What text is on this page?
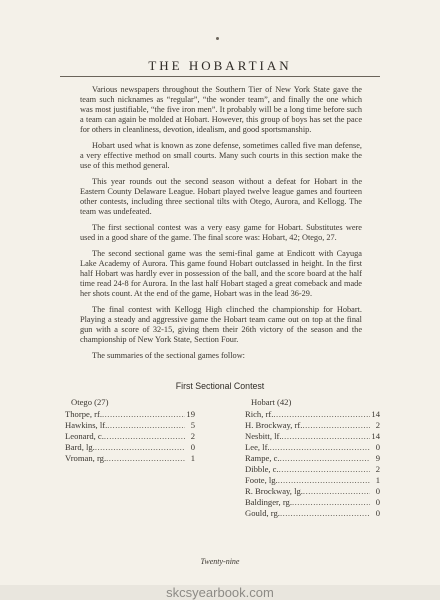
THE HOBARTIAN

Various newspapers throughout the Southern Tier of New York State gave the team such nicknames as “regular”, “the wonder team”, and finally the one which was most justifiable, “the five iron men”. It probably will be a long time before such a team can again be molded at Hobart. However, this group of boys has set the pace for others in cleanliness, devotion, idealism, and good sportsmanship.

Hobart used what is known as zone defense, sometimes called five man defense, a very effective method on small courts. Many such courts in this section make the use of this method general.

This year rounds out the second season without a defeat for Hobart in the Eastern County Delaware League. Hobart played twelve league games and fourteen other contests, including three sectional tilts with Otego, Aurora, and Kellogg. The team was undefeated.

The first sectional contest was a very easy game for Hobart. Substitutes were used in a good share of the game. The final score was: Hobart, 42; Otego, 27.

The second sectional game was the semi-final game at Endicott with Cayuga Lake Academy of Aurora. This game found Hobart outclassed in height. In the first half Hobart was hardly ever in possession of the ball, and the score board at the half time read 24-8 for Aurora. In the last half Hobart staged a great comeback and made her shots count. At the end of the game, Hobart was in the lead 36-29.

The final contest with Kellogg High clinched the championship for Hobart. Playing a steady and aggressive game the Hobart team came out on top at the final gun with a score of 32-15, giving them their 26th victory of the season and the championship of New York State, Section Four.

The summaries of the sectional games follow:

First Sectional Contest
Otego (27)
Thorpe, rf. .....	19
Hawkins, lf. .....	5
Leonard, c. .....	2
Bard, lg. .....	0
Vroman, rg. .....	1
Hobart (42)
Rich, rf. .....	14
H. Brockway, rf. .....	2
Nesbitt, lf. .....	14
Lee, lf. .....	0
Rampe, c. .....	9
Dibble, c. .....	2
Foote, lg. .....	1
R. Brockway, lg. .....	0
Baldinger, rg. .....	0
Gould, rg. .....	0
Twenty-nine
skcsyearbook.com
